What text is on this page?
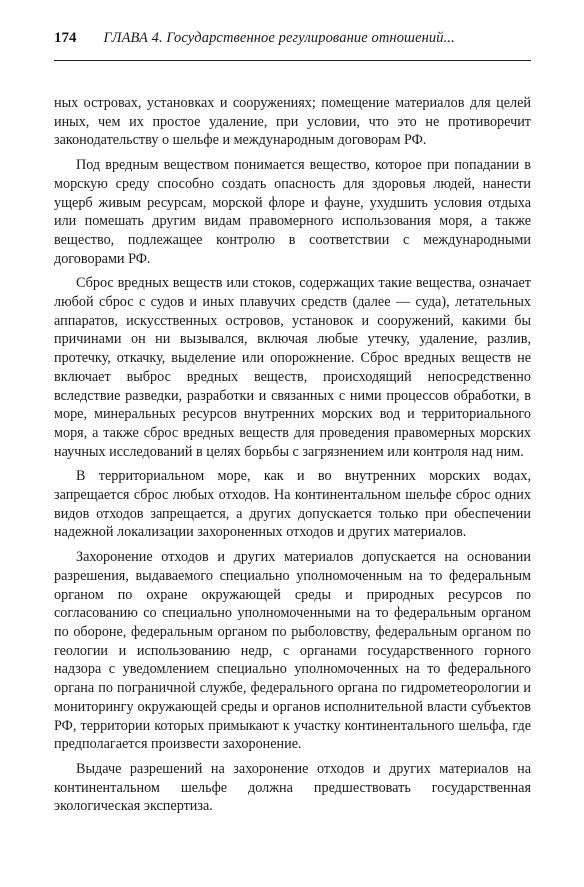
174 ГЛАВА 4. Государственное регулирование отношений...

ных островах, установках и сооружениях; помещение материалов для целей иных, чем их простое удаление, при условии, что это не противоречит законодательству о шельфе и международным договорам РФ.

Под вредным веществом понимается вещество, которое при попадании в морскую среду способно создать опасность для здоровья людей, нанести ущерб живым ресурсам, морской флоре и фауне, ухудшить условия отдыха или помешать другим видам правомерного использования моря, а также вещество, подлежащее контролю в соответствии с международными договорами РФ.

Сброс вредных веществ или стоков, содержащих такие вещества, означает любой сброс с судов и иных плавучих средств (далее — суда), летательных аппаратов, искусственных островов, установок и сооружений, какими бы причинами он ни вызывался, включая любые утечку, удаление, разлив, протечку, откачку, выделение или опорожнение. Сброс вредных веществ не включает выброс вредных веществ, происходящий непосредственно вследствие разведки, разработки и связанных с ними процессов обработки, в море, минеральных ресурсов внутренних морских вод и территориального моря, а также сброс вредных веществ для проведения правомерных морских научных исследований в целях борьбы с загрязнением или контроля над ним.

В территориальном море, как и во внутренних морских водах, запрещается сброс любых отходов. На континентальном шельфе сброс одних видов отходов запрещается, а других допускается только при обеспечении надежной локализации захороненных отходов и других материалов.

Захоронение отходов и других материалов допускается на основании разрешения, выдаваемого специально уполномоченным на то федеральным органом по охране окружающей среды и природных ресурсов по согласованию со специально уполномоченными на то федеральным органом по обороне, федеральным органом по рыболовству, федеральным органом по геологии и использованию недр, с органами государственного горного надзора с уведомлением специально уполномоченных на то федерального органа по пограничной службе, федерального органа по гидрометеорологии и мониторингу окружающей среды и органов исполнительной власти субъектов РФ, территории которых примыкают к участку континентального шельфа, где предполагается произвести захоронение.

Выдаче разрешений на захоронение отходов и других материалов на континентальном шельфе должна предшествовать государственная экологическая экспертиза.
